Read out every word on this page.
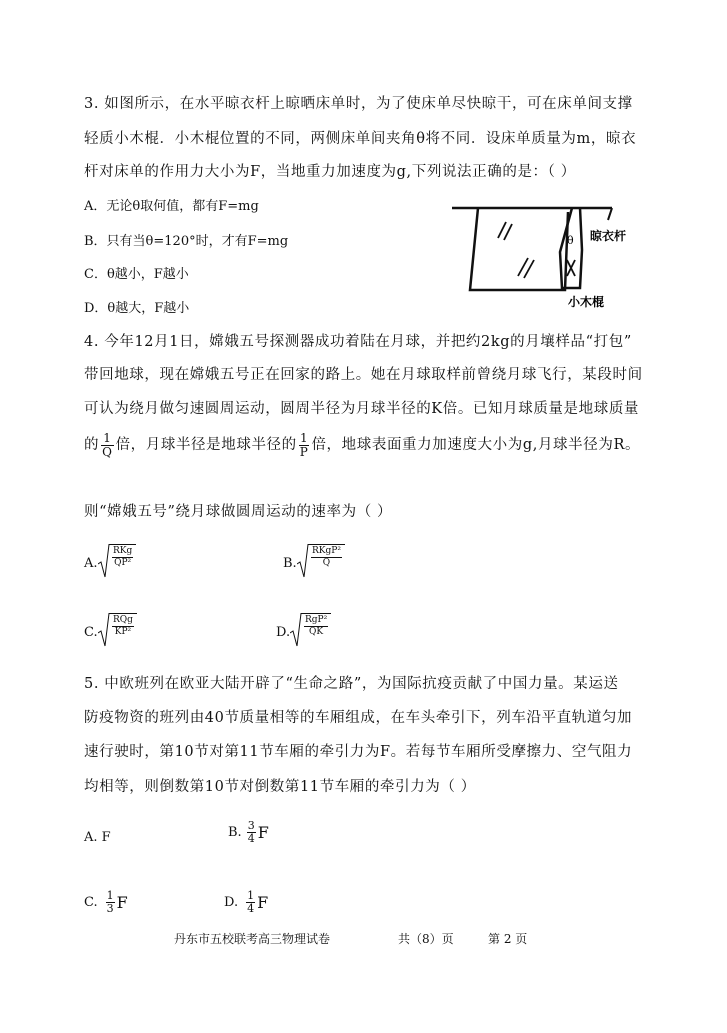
3. 如图所示，在水平晾衣杆上晾晒床单时，为了使床单尽快晾干，可在床单间支撑
轻质小木棍．小木棍位置的不同，两侧床单间夹角θ将不同．设床单质量为m，晾衣
杆对床单的作用力大小为F，当地重力加速度为g,下列说法正确的是：（ ）
A．无论θ取何值，都有F=mg
B．只有当θ=120°时，才有F=mg
C．θ越小，F越小
D．θ越大，F越小
θ 晾衣杆
小木棍
4. 今年12月1日，嫦娥五号探测器成功着陆在月球，并把约2kg的月壤样品“打包”
带回地球，现在嫦娥五号正在回家的路上。她在月球取样前曾绕月球飞行，某段时间
可认为绕月做匀速圆周运动，圆周半径为月球半径的K倍。已知月球质量是地球质量
的 $\frac{1}{Q}$ 倍，月球半径是地球半径的 $\frac{1}{P}$ 倍，地球表面重力加速度大小为g,月球半径为R。
则“嫦娥五号”绕月球做圆周运动的速率为（ ）
A.
RKg
QP²	B.
RKgP²
Q
C.
RQg
KP²	D.
RgP²
QK
5. 中欧班列在欧亚大陆开辟了“生命之路”，为国际抗疫贡献了中国力量。某运送
防疫物资的班列由40节质量相等的车厢组成，在车头牵引下，列车沿平直轨道匀加
速行驶时，第10节对第11节车厢的牵引力为F。若每节车厢所受摩擦力、空气阻力
均相等，则倒数第10节对倒数第11节车厢的牵引力为（ ）
A. F	B. $\frac{3}{4}$ F
C. $\frac{1}{3}$ F	D. $\frac{1}{4}$ F
丹东市五校联考高三物理试卷	共（8）页	第 2 页
